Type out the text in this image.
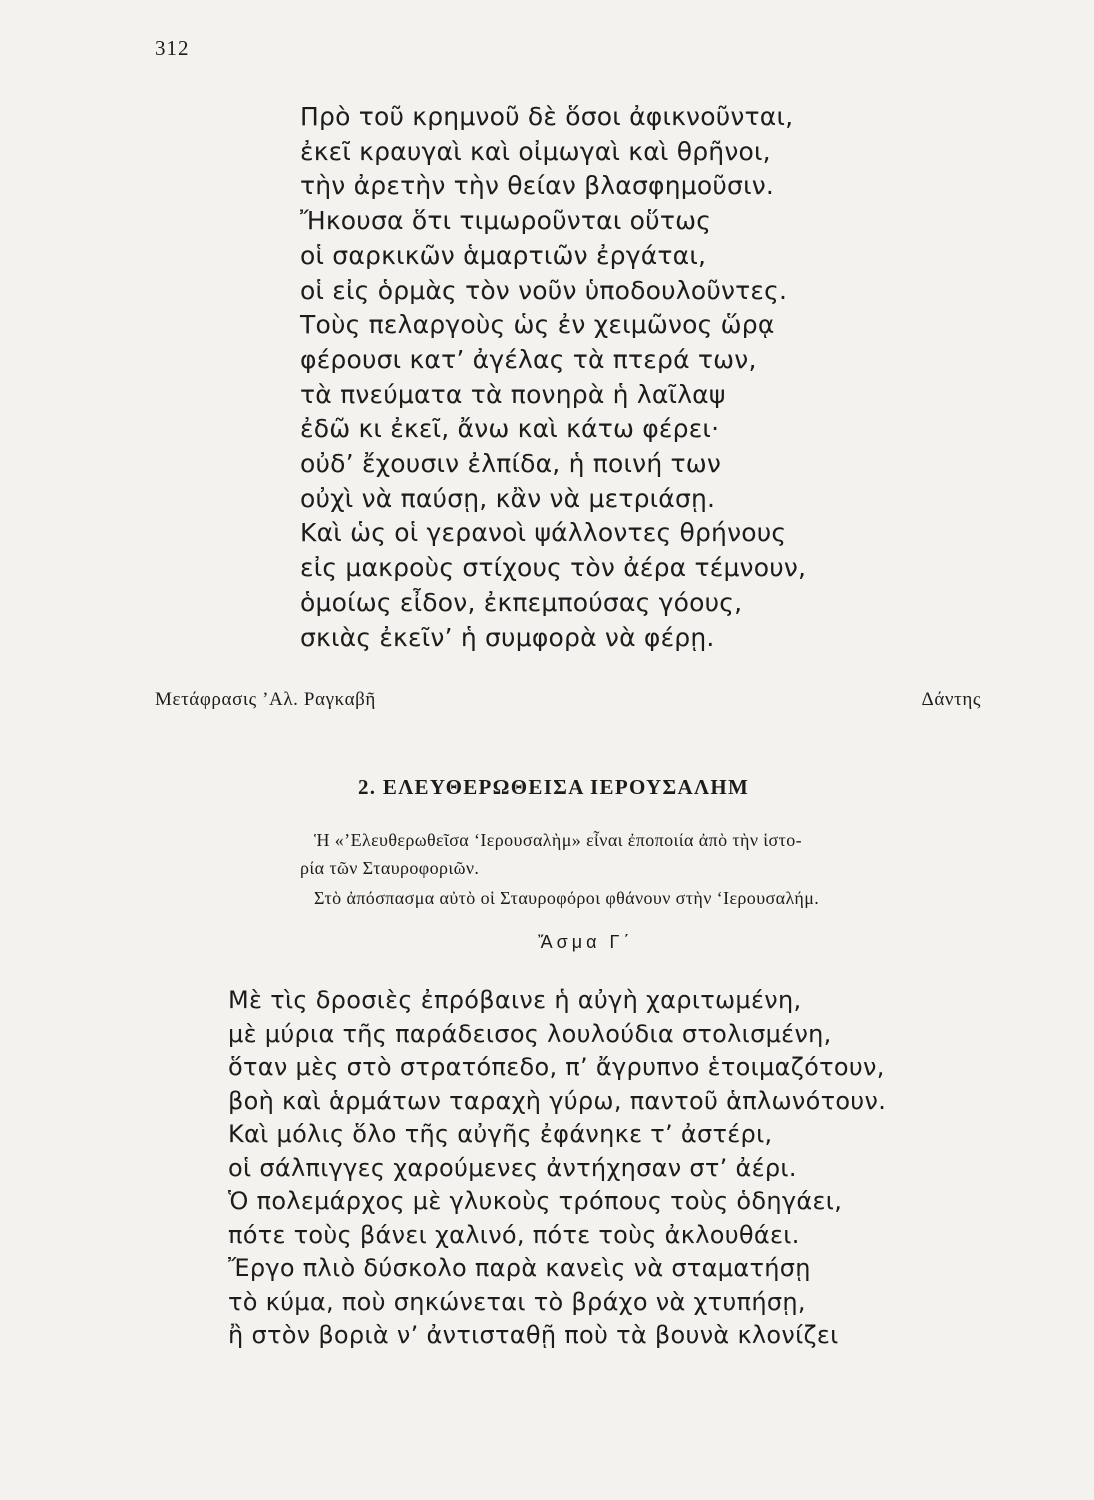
312
Πρὸ τοῦ κρημνοῦ δὲ ὅσοι ἀφικνοῦνται,
ἐκεῖ κραυγαὶ καὶ οἰμωγαὶ καὶ θρῆνοι,
τὴν ἀρετὴν τὴν θείαν βλασφημοῦσιν.
Ἤκουσα ὅτι τιμωροῦνται οὕτως
οἱ σαρκικῶν ἁμαρτιῶν ἐργάται,
οἱ εἰς ὁρμὰς τὸν νοῦν ὑποδουλοῦντες.
Τοὺς πελαργοὺς ὡς ἐν χειμῶνος ὥρᾳ
φέρουσι κατ’ ἀγέλας τὰ πτερά των,
τὰ πνεύματα τὰ πονηρὰ ἡ λαῖλαψ
ἐδῶ κι ἐκεῖ, ἄνω καὶ κάτω φέρει·
οὐδ’ ἔχουσιν ἐλπίδα, ἡ ποινή των
οὐχὶ νὰ παύσῃ, κἂν νὰ μετριάσῃ.
Καὶ ὡς οἱ γερανοὶ ψάλλοντες θρήνους
εἰς μακροὺς στίχους τὸν ἀέρα τέμνουν,
ὁμοίως εἶδον, ἐκπεμπούσας γόους,
σκιὰς ἐκεῖν’ ἡ συμφορὰ νὰ φέρῃ.
Μετάφρασις ’Αλ. Ραγκαβῆ	Δάντης
2. ΕΛΕΥΘΕΡΩΘΕΙΣΑ ΙΕΡΟΥΣΑΛΗΜ

Ἡ «’Ελευθερωθεῖσα ‘Ιερουσαλὴμ» εἶναι ἐποποιία ἀπὸ τὴν ἱστο-
ρία τῶν Σταυροφοριῶν.

Στὸ ἀπόσπασμα αὐτὸ οἱ Σταυροφόροι φθάνουν στὴν ‘Ιερουσαλήμ.

Ἄσμα Γ΄
Μὲ τὶς δροσιὲς ἐπρόβαινε ἡ αὐγὴ χαριτωμένη,
μὲ μύρια τῆς παράδεισος λουλούδια στολισμένη,
ὅταν μὲς στὸ στρατόπεδο, π’ ἄγρυπνο ἑτοιμαζότουν,
βοὴ καὶ ἁρμάτων ταραχὴ γύρω, παντοῦ ἁπλωνότουν.
Καὶ μόλις ὅλο τῆς αὐγῆς ἐφάνηκε τ’ ἀστέρι,
οἱ σάλπιγγες χαρούμενες ἀντήχησαν στ’ ἀέρι.
Ὁ πολεμάρχος μὲ γλυκοὺς τρόπους τοὺς ὁδηγάει,
πότε τοὺς βάνει χαλινό, πότε τοὺς ἀκλουθάει.
Ἔργο πλιὸ δύσκολο παρὰ κανεὶς νὰ σταματήσῃ
τὸ κύμα, ποὺ σηκώνεται τὸ βράχο νὰ χτυπήσῃ,
ἢ στὸν βοριὰ ν’ ἀντισταθῇ ποὺ τὰ βουνὰ κλονίζει
